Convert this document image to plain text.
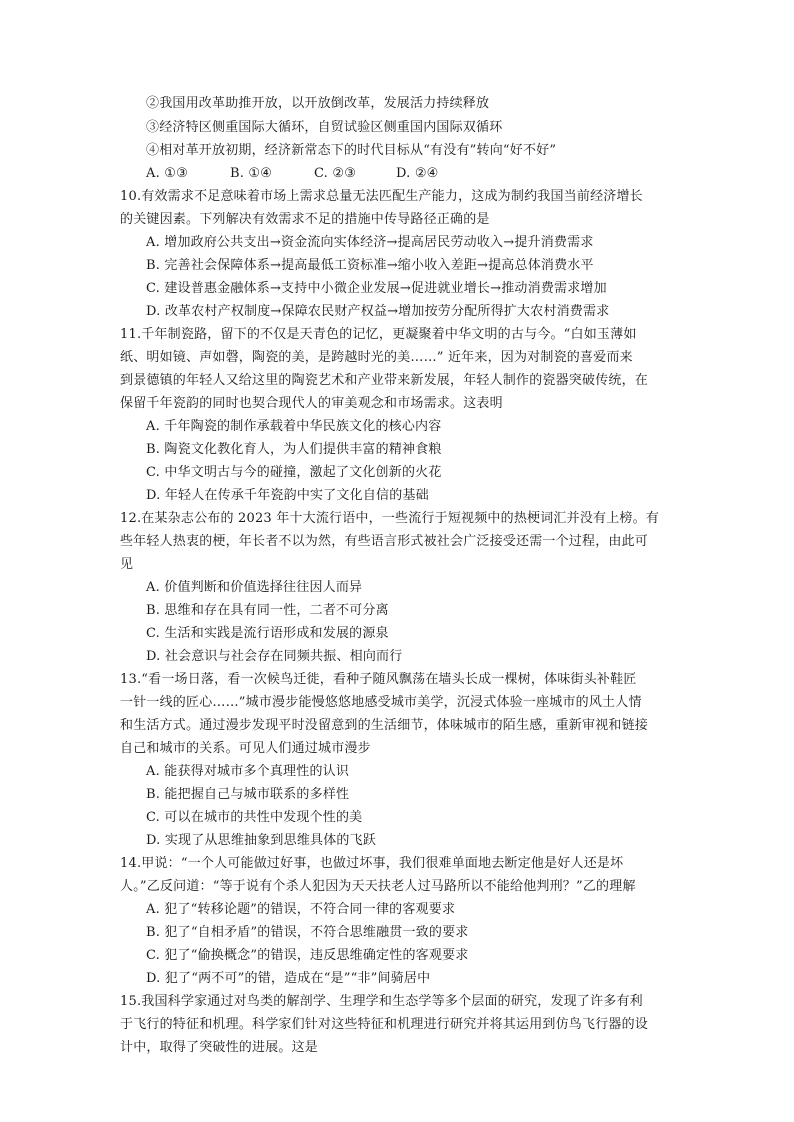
②我国用改革助推开放，以开放倒改革，发展活力持续释放
③经济特区侧重国际大循环，自贸试验区侧重国内国际双循环
④相对革开放初期，经济新常态下的时代目标从“有没有”转向“好不好”
A. ①③	B. ①④	C. ②③	D. ②④
10.有效需求不足意味着市场上需求总量无法匹配生产能力，这成为制约我国当前经济增长
的关键因素。下列解决有效需求不足的措施中传导路径正确的是
A. 增加政府公共支出→资金流向实体经济→提高居民劳动收入→提升消费需求
B. 完善社会保障体系→提高最低工资标准→缩小收入差距→提高总体消费水平
C. 建设普惠金融体系→支持中小微企业发展→促进就业增长→推动消费需求增加
D. 改革农村产权制度→保障农民财产权益→增加按劳分配所得扩大农村消费需求
11.千年制瓷路，留下的不仅是天青色的记忆，更凝聚着中华文明的古与今。“白如玉薄如
纸、明如镜、声如磬，陶瓷的美，是跨越时光的美……” 近年来，因为对制瓷的喜爱而来
到景德镇的年轻人又给这里的陶瓷艺术和产业带来新发展，年轻人制作的瓷器突破传统，在
保留千年瓷韵的同时也契合现代人的审美观念和市场需求。这表明
A. 千年陶瓷的制作承载着中华民族文化的核心内容
B. 陶瓷文化教化育人，为人们提供丰富的精神食粮
C. 中华文明古与今的碰撞，激起了文化创新的火花
D. 年轻人在传承千年瓷韵中实了文化自信的基础
12.在某杂志公布的 2023 年十大流行语中，一些流行于短视频中的热梗词汇并没有上榜。有
些年轻人热衷的梗，年长者不以为然，有些语言形式被社会广泛接受还需一个过程，由此可
见
A. 价值判断和价值选择往往因人而异
B. 思维和存在具有同一性，二者不可分离
C. 生活和实践是流行语形成和发展的源泉
D. 社会意识与社会存在同频共振、相向而行
13.“看一场日落，看一次候鸟迁徙，看种子随风飘荡在墙头长成一棵树，体味街头补鞋匠
一针一线的匠心……”城市漫步能慢悠悠地感受城市美学，沉浸式体验一座城市的风土人情
和生活方式。通过漫步发现平时没留意到的生活细节，体味城市的陌生感，重新审视和链接
自己和城市的关系。可见人们通过城市漫步
A. 能获得对城市多个真理性的认识
B. 能把握自己与城市联系的多样性
C. 可以在城市的共性中发现个性的美
D. 实现了从思维抽象到思维具体的飞跃
14.甲说：“一个人可能做过好事，也做过坏事，我们很难单面地去断定他是好人还是坏
人。”乙反问道：“等于说有个杀人犯因为天天扶老人过马路所以不能给他判刑？”乙的理解
A. 犯了“转移论题”的错误，不符合同一律的客观要求
B. 犯了“自相矛盾”的错误，不符合思维融贯一致的要求
C. 犯了“偷换概念”的错误，违反思维确定性的客观要求
D. 犯了“两不可”的错，造成在“是”“非”间骑居中
15.我国科学家通过对鸟类的解剖学、生理学和生态学等多个层面的研究，发现了许多有利
于飞行的特征和机理。科学家们针对这些特征和机理进行研究并将其运用到仿鸟飞行器的设
计中，取得了突破性的进展。这是
